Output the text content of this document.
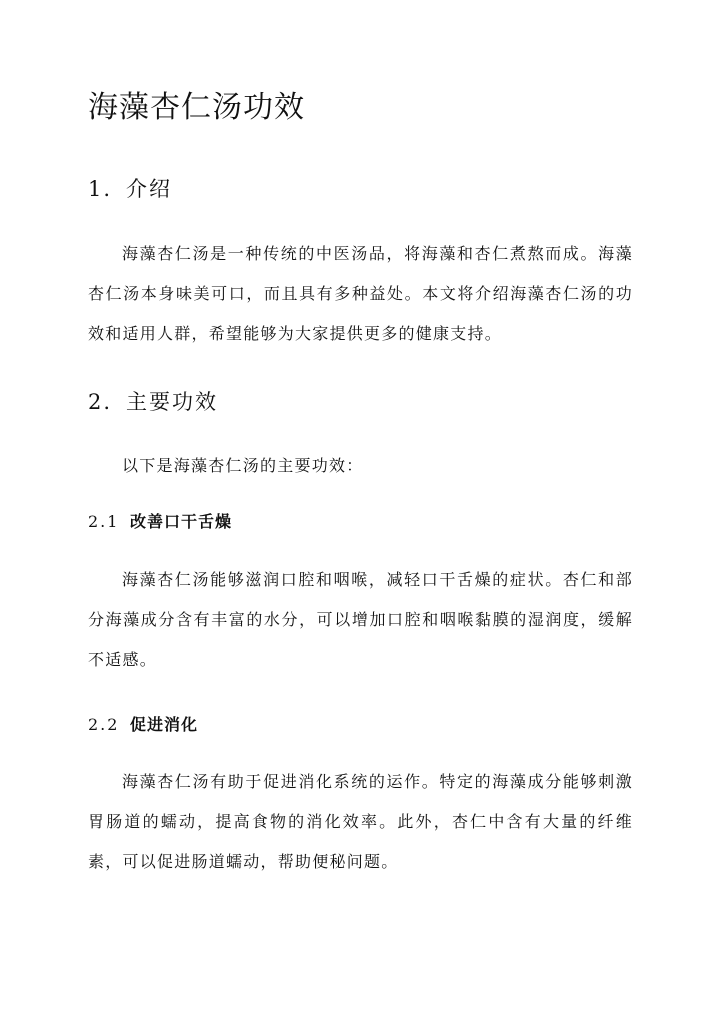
海藻杏仁汤功效
1. 介绍

海藻杏仁汤是一种传统的中医汤品，将海藻和杏仁煮熬而成。海藻杏仁汤本身味美可口，而且具有多种益处。本文将介绍海藻杏仁汤的功效和适用人群，希望能够为大家提供更多的健康支持。

2. 主要功效

以下是海藻杏仁汤的主要功效：

2.1 改善口干舌燥

海藻杏仁汤能够滋润口腔和咽喉，减轻口干舌燥的症状。杏仁和部分海藻成分含有丰富的水分，可以增加口腔和咽喉黏膜的湿润度，缓解不适感。

2.2 促进消化

海藻杏仁汤有助于促进消化系统的运作。特定的海藻成分能够刺激胃肠道的蠕动，提高食物的消化效率。此外，杏仁中含有大量的纤维素，可以促进肠道蠕动，帮助便秘问题。
